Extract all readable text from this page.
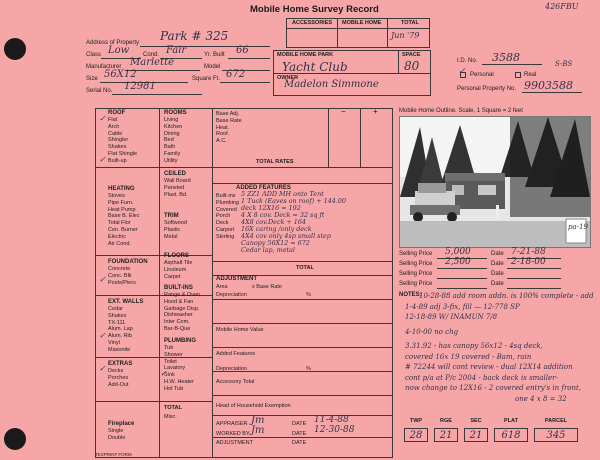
Mobile Home Survey Record	426FBU
ACCESSORIES MOBILE HOME	TOTAL
Jun '79
Address of Property Park # 325
Class Low Cond. Fair	Yr. Built 66
Manufacturer Marlette	Model
Size 56X12	Square Ft. 672
Serial No. 12981
MOBILE HOME PARK	SPACE
Yacht Club	80
OWNER
Madelon Simmone
I.D. No. 3588	S-BS
✓ Personal	Real
Personal Property No. 9903588
−	+
Base Adj.
Base Rate
Heat.
Roof.
A.C.
TOTAL RATES
ROOF
Flat
Arch
Cable
Shingler
Shakes
Flat Shingle
Built-up
✓
✓
ROOMS
Living
Kitchen
Dining
Bed
Bath
Family
Utility
HEATING
Stoves
Pipe Furn.
Heat Pump
Base B. Elec
Total Flor
Cen. Burner
Electric
Air Cond.
CEILED
Wall Board
Paneled
Plast. Bd.
TRIM
Softwood
Plastic
Metal
FOUNDATION
Concrete
Conc. Blk
Posts/Piers
✓
FLOORS
Asphalt Tile
Linoleum
Carpet
EXT. WALLS
Cedar
Shakes
TX-111
Alum. Lap
Alum. Rib
Vinyl
Masonite
✓
BUILT-INS
Range & Oven
Hood & Fan
Garbage Disp.
Dishwasher
Inter Com.
Bar-B-Que
EXTRAS
Decks
Porches
Add-Out
✓
PLUMBING
Tub
Shower
Toilet
Lavatory
Sink
H.W. Heater
Hot Tub
✓
TOTAL
Misc.
Fireplace
Single
Double
ADDED FEATURES
Built-ins
Plumbing
Covered
Porch
Deck
Carport
Skirting
5 ZZ1 ADD MH onto Tent
1 Tuck (Eaves on roof) + 144.00
deck 12X16 = 192
4 X 8 cov. Deck = 32 sq ft
4X8 cov.Deck + 164
16X caring /only deck
4X4 cov only 4sp small step
Canopy 56X12 = 672
Cedar lap, metal
TOTAL
ADJUSTMENT
Area	x Base Rate
Depreciation	%
Mobile Home Value
Added Features
Depreciation	%
Accessory Total
Head of Household Exemption
APPRAISER Jm	DATE 11-4-88
WORKED BY Jm	DATE 12-30-88
ADJUSTMENT	DATE
Mobile Home Outline. Scale, 1 Square = 2 feet
pa-19
Selling Price 5,000	Date 7-21-88
Selling Price 2,500	Date 2-18-00
Selling Price	Date
Selling Price	Date
NOTES:
10-28-88 add room addn. is 100% complete - add
1-4-89 adj 3-fix, fill — 12-778 SP
12-18-89 W/ INAMUN 7/8
4-10-00 no chg
3.31.92 - has canopy 56x12 - 4sq deck,
covered 16x 19 covered - Bam, rain
# 72244 will cont review - dual 12X14 addition
cont p/a at P/c 2004 - back deck is smaller-
now change to 12X16 - 2 covered entry's in front,
one 4 x 8 = 32
TWP	RGE	SEC	PLAT	PARCEL
28	21	21	618	345
TEXPRINT FORM
